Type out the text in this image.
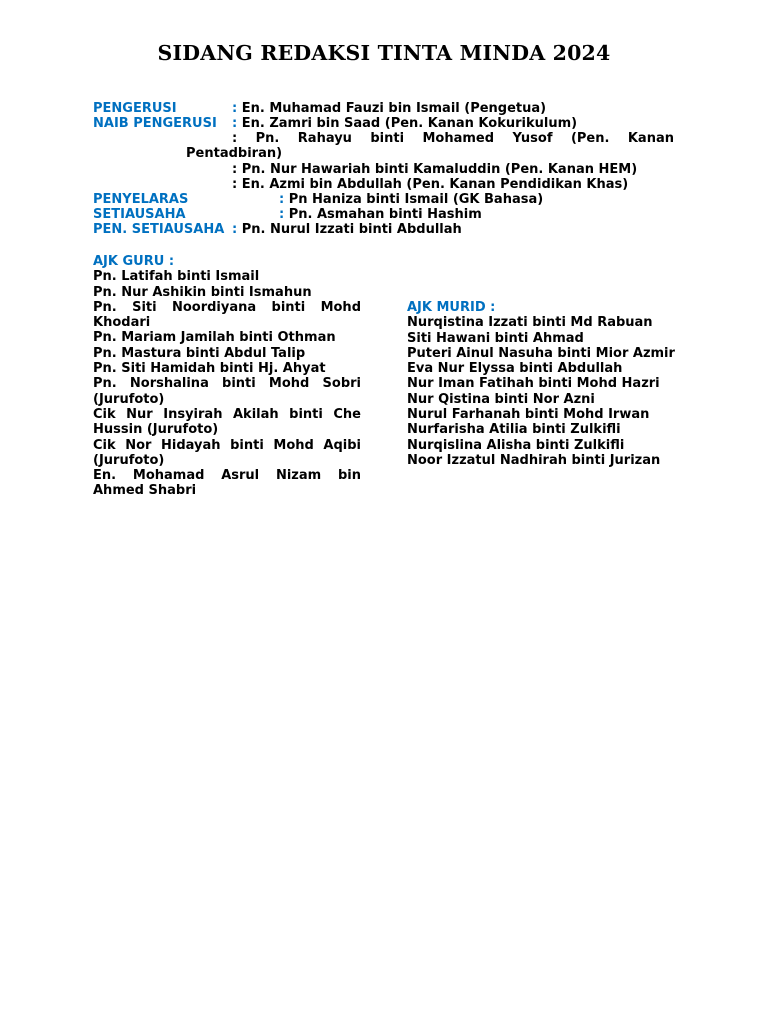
SIDANG REDAKSI TINTA MINDA 2024
PENGERUSI	: En. Muhamad Fauzi bin Ismail (Pengetua)
NAIB PENGERUSI : En. Zamri bin Saad (Pen. Kanan Kokurikulum)
: Pn. Rahayu binti Mohamed Yusof (Pen. Kanan
Pentadbiran)
: Pn. Nur Hawariah binti Kamaluddin (Pen. Kanan HEM)
: En. Azmi bin Abdullah (Pen. Kanan Pendidikan Khas)
PENYELARAS	: Pn Haniza binti Ismail (GK Bahasa)
SETIAUSAHA	: Pn. Asmahan binti Hashim
PEN. SETIAUSAHA : Pn. Nurul Izzati binti Abdullah
AJK GURU :
Pn. Latifah binti Ismail
Pn. Nur Ashikin binti Ismahun
Pn. Siti Noordiyana binti Mohd Khodari
Pn. Mariam Jamilah binti Othman
Pn. Mastura binti Abdul Talip
Pn. Siti Hamidah binti Hj. Ahyat
Pn. Norshalina binti Mohd Sobri (Jurufoto)
Cik Nur Insyirah Akilah binti Che Hussin (Jurufoto)
Cik Nor Hidayah binti Mohd Aqibi (Jurufoto)
En. Mohamad Asrul Nizam bin Ahmed Shabri
AJK MURID :
Nurqistina Izzati binti Md Rabuan
Siti Hawani binti Ahmad
Puteri Ainul Nasuha binti Mior Azmir
Eva Nur Elyssa binti Abdullah
Nur Iman Fatihah binti Mohd Hazri
Nur Qistina binti Nor Azni
Nurul Farhanah binti Mohd Irwan
Nurfarisha Atilia binti Zulkifli
Nurqislina Alisha binti Zulkifli
Noor Izzatul Nadhirah binti Jurizan
